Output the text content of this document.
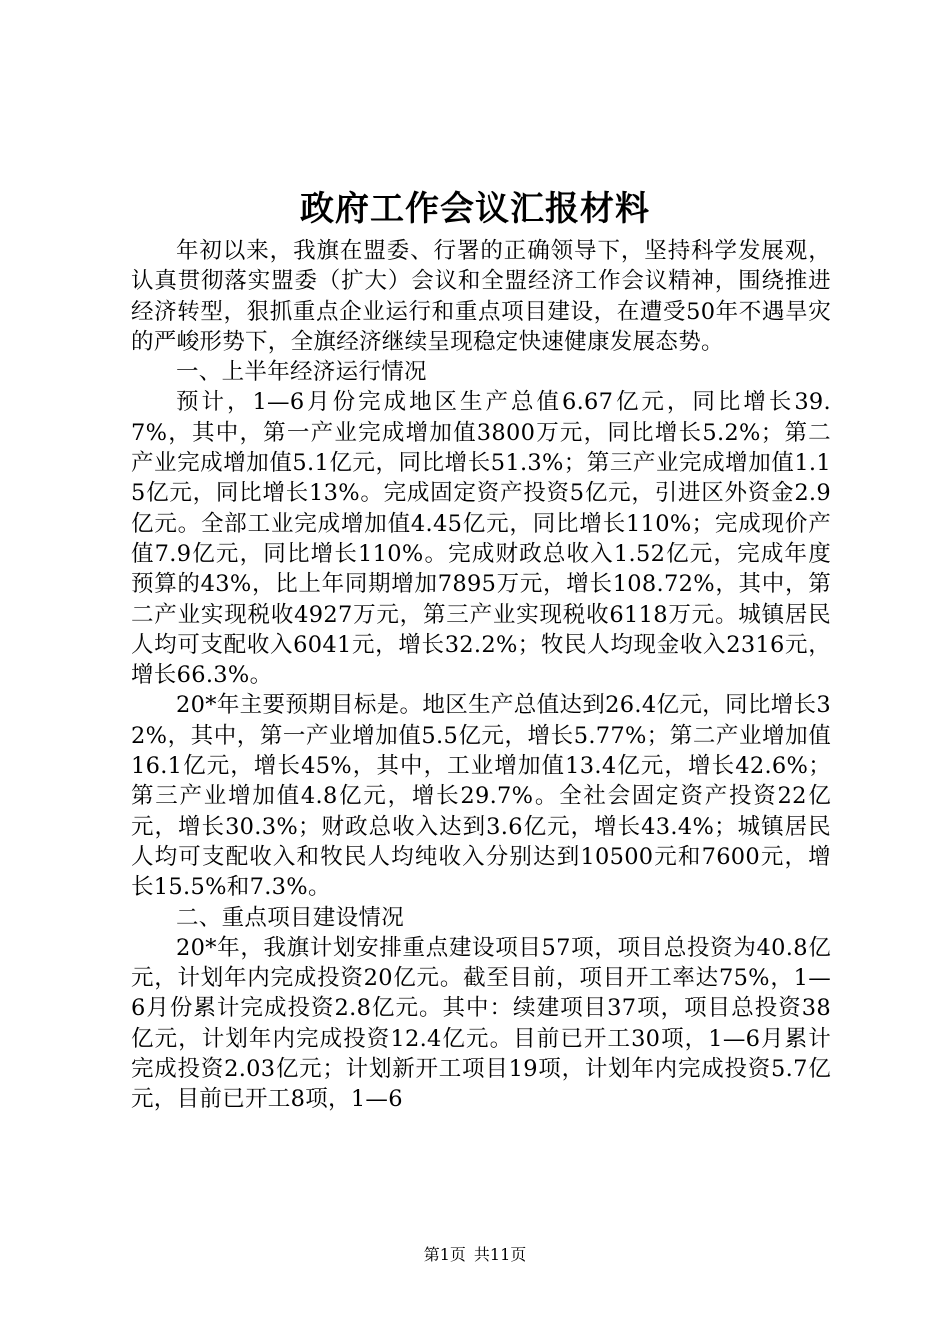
政府工作会议汇报材料

年初以来，我旗在盟委、行署的正确领导下，坚持科学发展观，认真贯彻落实盟委（扩大）会议和全盟经济工作会议精神，围绕推进经济转型，狠抓重点企业运行和重点项目建设，在遭受50年不遇旱灾的严峻形势下，全旗经济继续呈现稳定快速健康发展态势。

一、上半年经济运行情况

预计，1—6月份完成地区生产总值6.67亿元，同比增长39.7%，其中，第一产业完成增加值3800万元，同比增长5.2%；第二产业完成增加值5.1亿元，同比增长51.3%；第三产业完成增加值1.15亿元，同比增长13%。完成固定资产投资5亿元，引进区外资金2.9亿元。全部工业完成增加值4.45亿元，同比增长110%；完成现价产值7.9亿元，同比增长110%。完成财政总收入1.52亿元，完成年度预算的43%，比上年同期增加7895万元，增长108.72%，其中，第二产业实现税收4927万元，第三产业实现税收6118万元。城镇居民人均可支配收入6041元，增长32.2%；牧民人均现金收入2316元，增长66.3%。

20*年主要预期目标是。地区生产总值达到26.4亿元，同比增长32%，其中，第一产业增加值5.5亿元，增长5.77%；第二产业增加值16.1亿元，增长45%，其中，工业增加值13.4亿元，增长42.6%；第三产业增加值4.8亿元，增长29.7%。全社会固定资产投资22亿元，增长30.3%；财政总收入达到3.6亿元，增长43.4%；城镇居民人均可支配收入和牧民人均纯收入分别达到10500元和7600元，增长15.5%和7.3%。

二、重点项目建设情况

20*年，我旗计划安排重点建设项目57项，项目总投资为40.8亿元，计划年内完成投资20亿元。截至目前，项目开工率达75%，1—6月份累计完成投资2.8亿元。其中：续建项目37项，项目总投资38亿元，计划年内完成投资12.4亿元。目前已开工30项，1—6月累计完成投资2.03亿元；计划新开工项目19项，计划年内完成投资5.7亿元，目前已开工8项，1—6

第1页 共11页
